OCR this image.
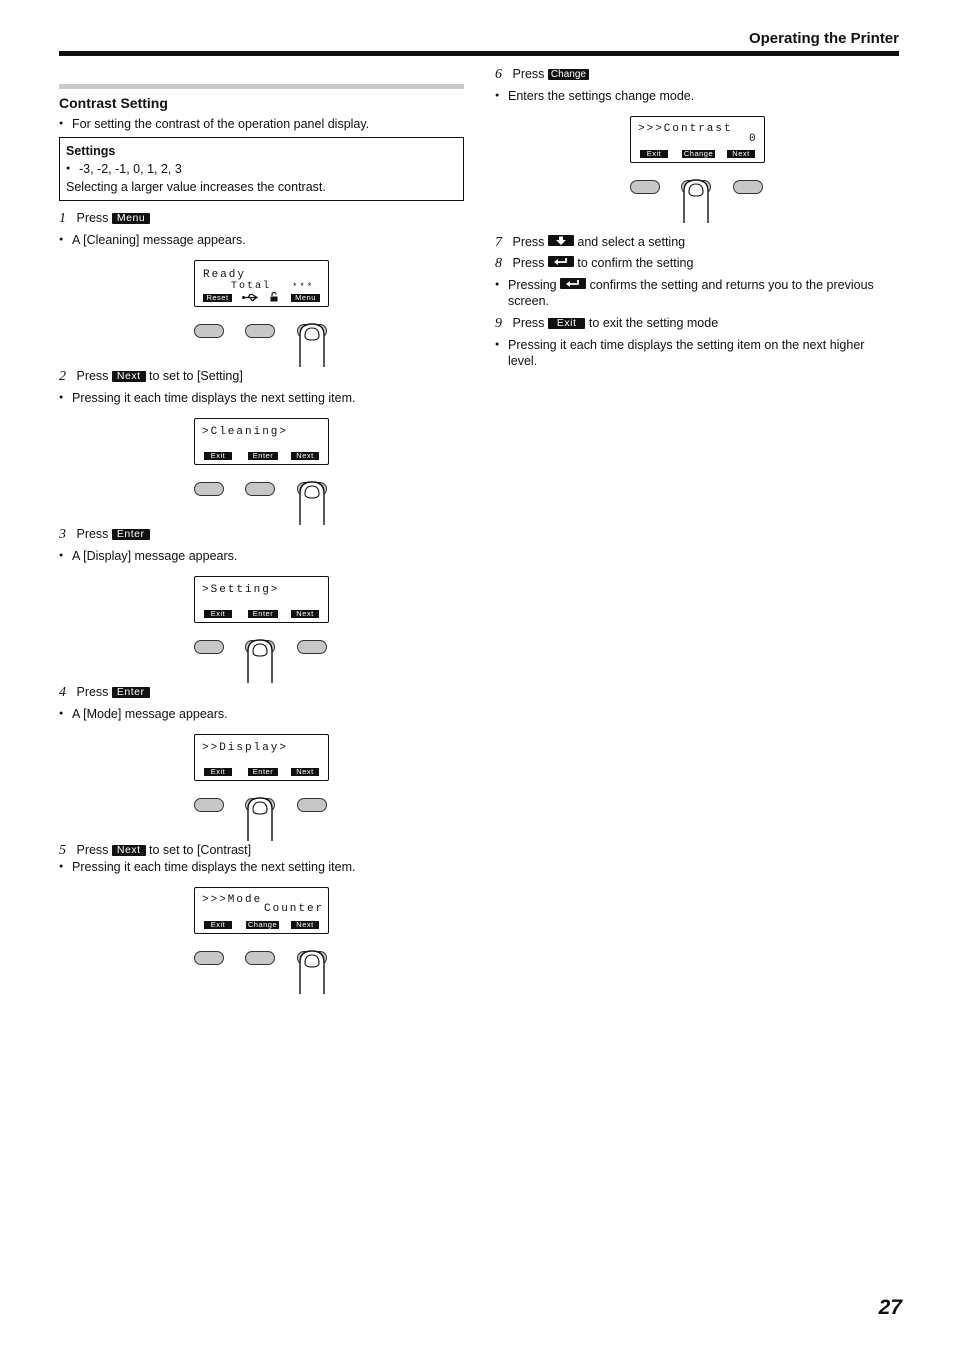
Operating the Printer
Contrast Setting
● For setting the contrast of the operation panel display.
Settings
● -3, -2, -1, 0, 1, 2, 3
Selecting a larger value increases the contrast.
1 Press Menu
● A [Cleaning] message appears.
Ready
Total ***
Reset	Menu
2 Press Next to set to [Setting]
● Pressing it each time displays the next setting item.
>Cleaning>
Exit	Enter	Next
3 Press Enter
● A [Display] message appears.
>Setting>
Exit	Enter	Next
4 Press Enter
● A [Mode] message appears.
>>Display>
Exit	Enter	Next
5 Press Next to set to [Contrast]
● Pressing it each time displays the next setting item.
>>>Mode
Counter
Exit	Change	Next
6 Press Change
● Enters the settings change mode.
>>>Contrast
0
Exit	Change	Next
7 Press	and select a setting
8 Press	to confirm the setting
● Pressing	confirms the setting and returns you to the previous screen.
9 Press Exit to exit the setting mode
● Pressing it each time displays the setting item on the next higher level.
27
